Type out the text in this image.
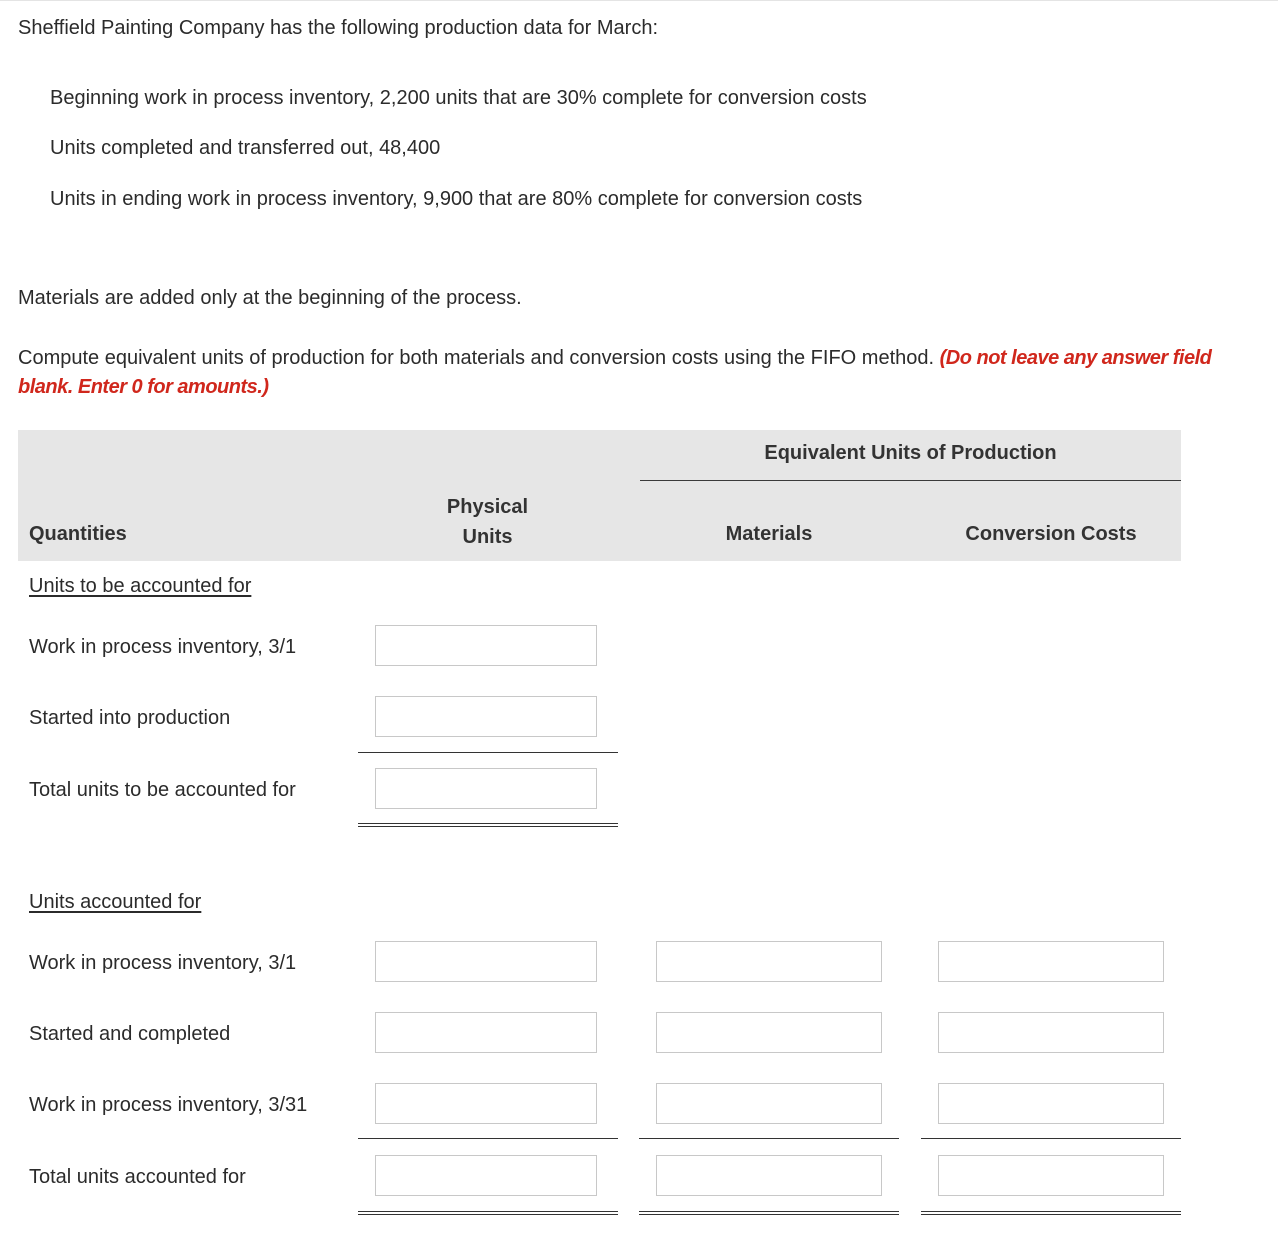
Sheffield Painting Company has the following production data for March:
Beginning work in process inventory, 2,200 units that are 30% complete for conversion costs
Units completed and transferred out, 48,400
Units in ending work in process inventory, 9,900 that are 80% complete for conversion costs
Materials are added only at the beginning of the process.
Compute equivalent units of production for both materials and conversion costs using the FIFO method. (Do not leave any answer field blank. Enter 0 for amounts.)
Equivalent Units of Production
Quantities
Physical
Units	Materials	Conversion Costs
Units to be accounted for
Work in process inventory, 3/1
Started into production
Total units to be accounted for
Units accounted for
Work in process inventory, 3/1
Started and completed
Work in process inventory, 3/31
Total units accounted for
